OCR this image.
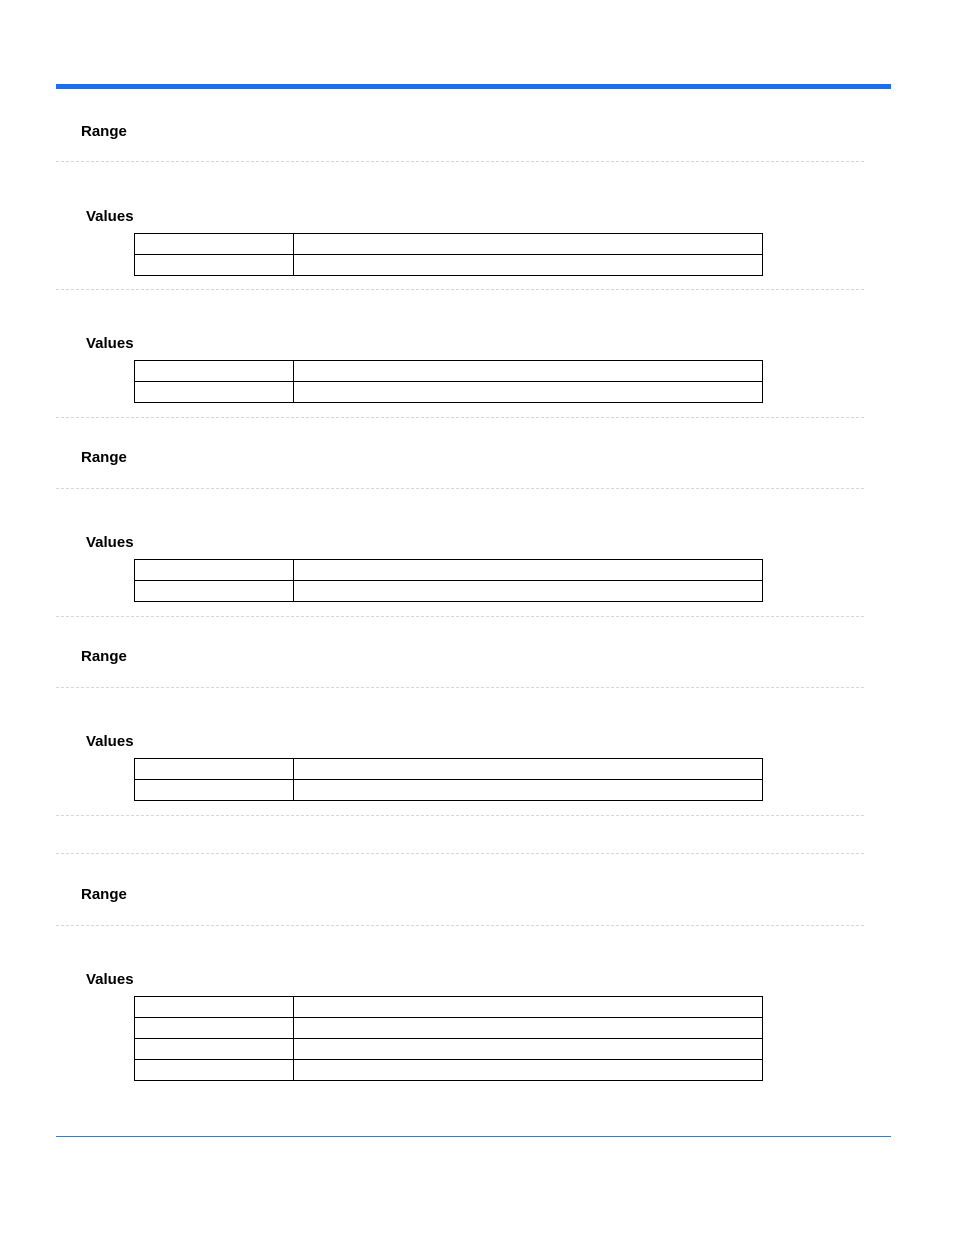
Range
Values

Values

Range
Values

Range
Values

Range
Values
